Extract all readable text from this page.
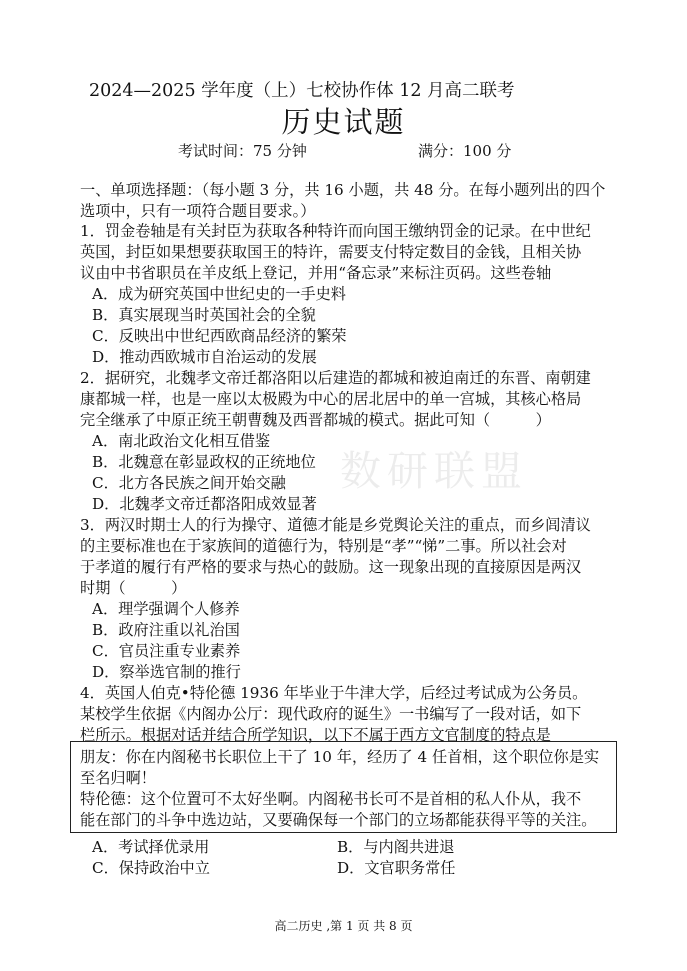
2024—2025 学年度（上）七校协作体 12 月高二联考
历史试题
考试时间：75 分钟	满分：100 分
一、单项选择题：（每小题 3 分，共 16 小题，共 48 分。在每小题列出的四个
选项中，只有一项符合题目要求。）
1．罚金卷轴是有关封臣为获取各种特许而向国王缴纳罚金的记录。在中世纪
英国，封臣如果想要获取国王的特许，需要支付特定数目的金钱，且相关协
议由中书省职员在羊皮纸上登记，并用“备忘录”来标注页码。这些卷轴
A．成为研究英国中世纪史的一手史料
B．真实展现当时英国社会的全貌
C．反映出中世纪西欧商品经济的繁荣
D．推动西欧城市自治运动的发展
2．据研究，北魏孝文帝迁都洛阳以后建造的都城和被迫南迁的东晋、南朝建
康都城一样，也是一座以太极殿为中心的居北居中的单一宫城，其核心格局
完全继承了中原正统王朝曹魏及西晋都城的模式。据此可知（　　　）
A．南北政治文化相互借鉴
B．北魏意在彰显政权的正统地位
C．北方各民族之间开始交融
D．北魏孝文帝迁都洛阳成效显著
数研联盟
3．两汉时期士人的行为操守、道德才能是乡党舆论关注的重点，而乡闾清议
的主要标准也在于家族间的道德行为，特别是“孝”“悌”二事。所以社会对
于孝道的履行有严格的要求与热心的鼓励。这一现象出现的直接原因是两汉
时期（　　　）
A．理学强调个人修养
B．政府注重以礼治国
C．官员注重专业素养
D．察举选官制的推行
4．英国人伯克•特伦德 1936 年毕业于牛津大学，后经过考试成为公务员。
某校学生依据《内阁办公厅：现代政府的诞生》一书编写了一段对话，如下
栏所示。根据对话并结合所学知识，以下不属于西方文官制度的特点是
朋友：你在内阁秘书长职位上干了 10 年，经历了 4 任首相，这个职位你是实
至名归啊！
特伦德：这个位置可不太好坐啊。内阁秘书长可不是首相的私人仆从，我不
能在部门的斗争中选边站，又要确保每一个部门的立场都能获得平等的关注。
A．考试择优录用	B．与内阁共进退
C．保持政治中立	D．文官职务常任
高二历史 ,第 1 页 共 8 页
